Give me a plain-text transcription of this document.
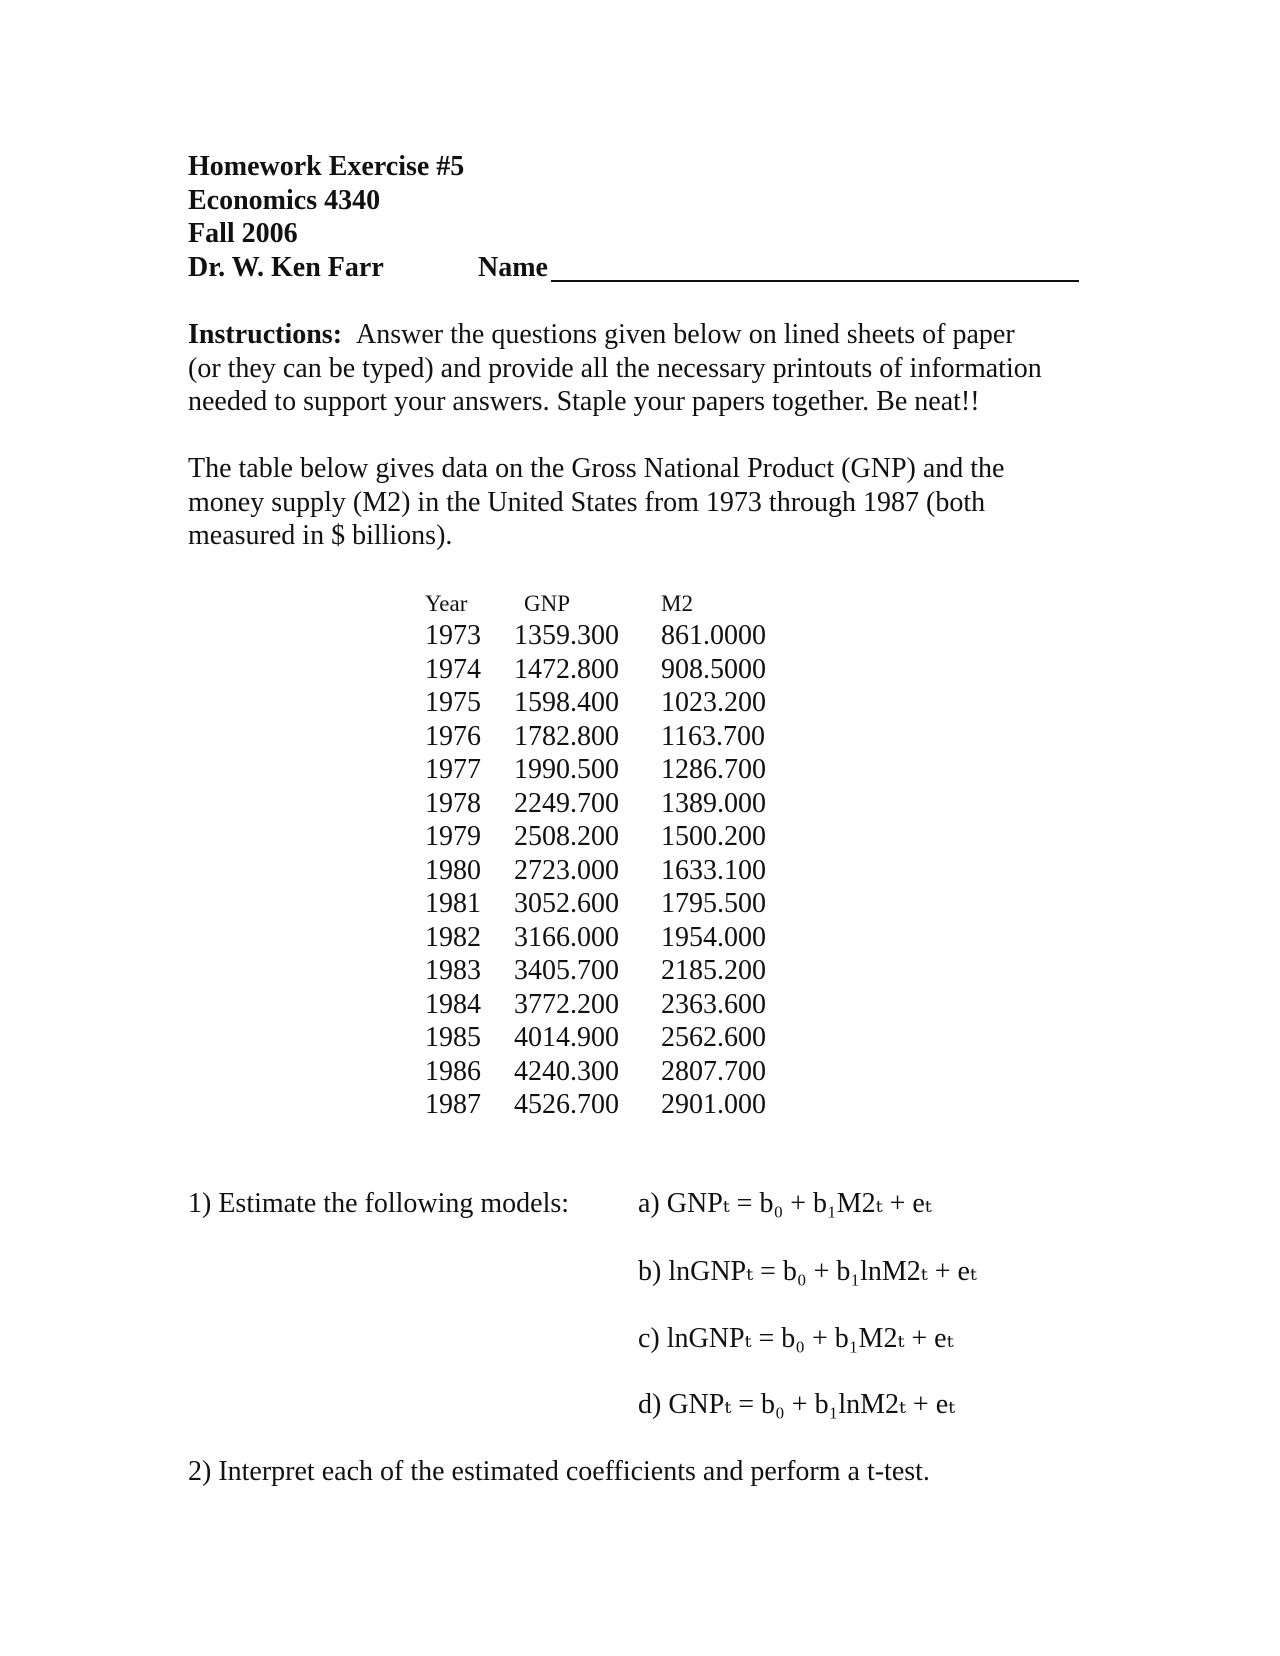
Homework Exercise #5
Economics 4340
Fall 2006
Dr. W. Ken Farr	Name
Instructions: Answer the questions given below on lined sheets of paper
(or they can be typed) and provide all the necessary printouts of information
needed to support your answers. Staple your papers together. Be neat!!
The table below gives data on the Gross National Product (GNP) and the
money supply (M2) in the United States from 1973 through 1987 (both
measured in $ billions).
Year GNP	M2
1973 1359.300 861.0000
1974 1472.800 908.5000
1975 1598.400 1023.200
1976 1782.800 1163.700
1977 1990.500 1286.700
1978 2249.700 1389.000
1979 2508.200 1500.200
1980 2723.000 1633.100
1981 3052.600 1795.500
1982 3166.000 1954.000
1983 3405.700 2185.200
1984 3772.200 2363.600
1985 4014.900 2562.600
1986 4240.300 2807.700
1987 4526.700 2901.000
1) Estimate the following models: a) GNPₜ = b₀ + b₁M2ₜ + eₜ
b) lnGNPₜ = b₀ + b₁lnM2ₜ + eₜ
c) lnGNPₜ = b₀ + b₁M2ₜ + eₜ
d) GNPₜ = b₀ + b₁lnM2ₜ + eₜ
2) Interpret each of the estimated coefficients and perform a t-test.
